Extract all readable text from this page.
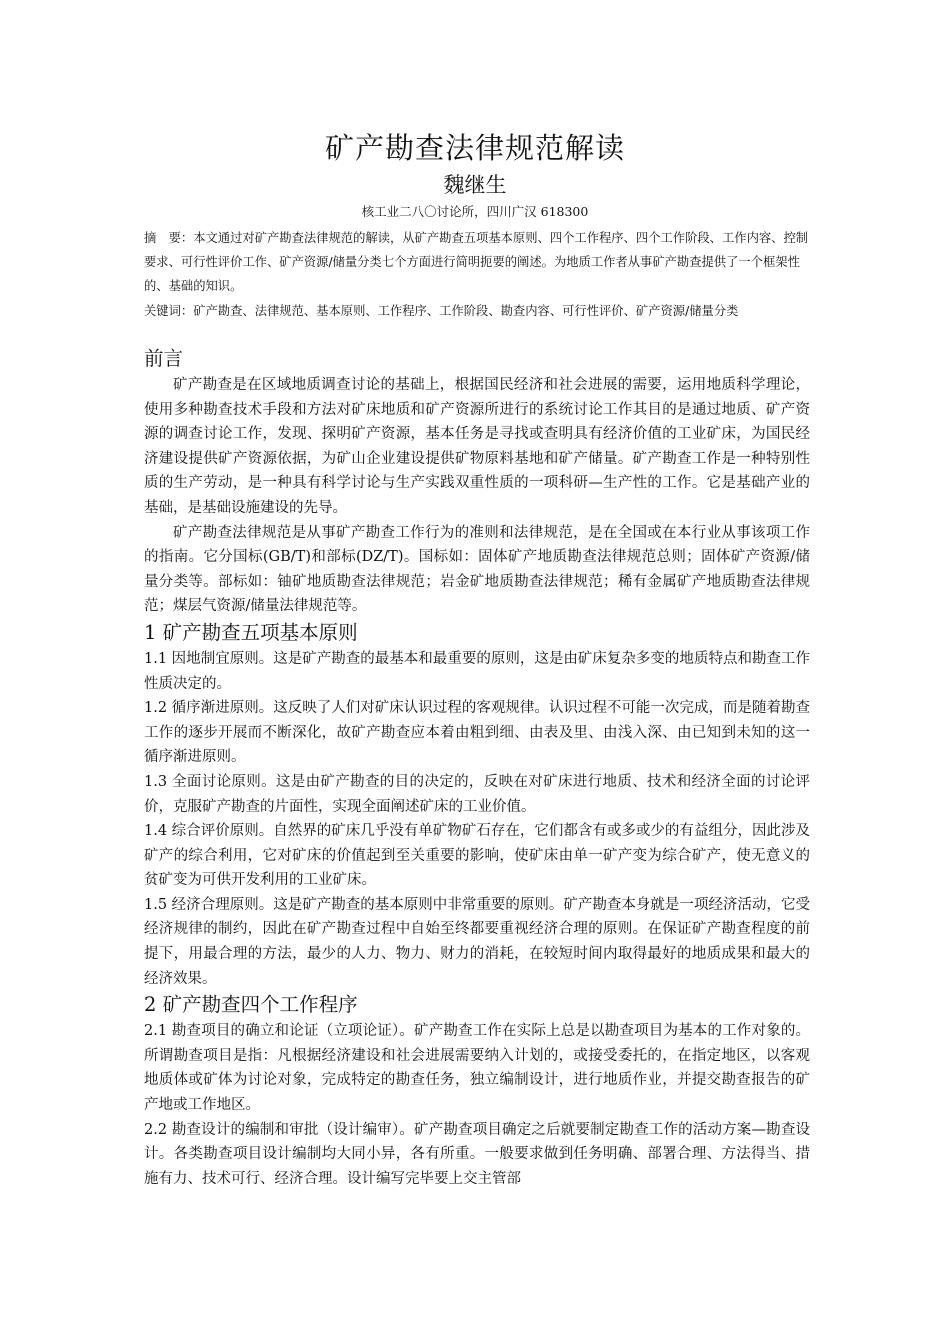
矿产勘查法律规范解读
魏继生
核工业二八〇讨论所，四川广汉 618300
摘　要：本文通过对矿产勘查法律规范的解读，从矿产勘查五项基本原则、四个工作程序、四个工作阶段、工作内容、控制要求、可行性评价工作、矿产资源/储量分类七个方面进行简明扼要的阐述。为地质工作者从事矿产勘查提供了一个框架性的、基础的知识。
关键词：矿产勘查、法律规范、基本原则、工作程序、工作阶段、勘查内容、可行性评价、矿产资源/储量分类
前言

矿产勘查是在区域地质调查讨论的基础上，根据国民经济和社会进展的需要，运用地质科学理论，使用多种勘查技术手段和方法对矿床地质和矿产资源所进行的系统讨论工作其目的是通过地质、矿产资源的调查讨论工作，发现、探明矿产资源，基本任务是寻找或查明具有经济价值的工业矿床，为国民经济建设提供矿产资源依据，为矿山企业建设提供矿物原料基地和矿产储量。矿产勘查工作是一种特别性质的生产劳动，是一种具有科学讨论与生产实践双重性质的一项科研—生产性的工作。它是基础产业的基础，是基础设施建设的先导。

矿产勘查法律规范是从事矿产勘查工作行为的准则和法律规范，是在全国或在本行业从事该项工作的指南。它分国标(GB/T)和部标(DZ/T)。国标如：固体矿产地质勘查法律规范总则；固体矿产资源/储量分类等。部标如：铀矿地质勘查法律规范；岩金矿地质勘查法律规范；稀有金属矿产地质勘查法律规范；煤层气资源/储量法律规范等。

1 矿产勘查五项基本原则

1.1 因地制宜原则。这是矿产勘查的最基本和最重要的原则，这是由矿床复杂多变的地质特点和勘查工作性质决定的。

1.2 循序渐进原则。这反映了人们对矿床认识过程的客观规律。认识过程不可能一次完成，而是随着勘查工作的逐步开展而不断深化，故矿产勘查应本着由粗到细、由表及里、由浅入深、由已知到未知的这一循序渐进原则。

1.3 全面讨论原则。这是由矿产勘查的目的决定的，反映在对矿床进行地质、技术和经济全面的讨论评价，克服矿产勘查的片面性，实现全面阐述矿床的工业价值。

1.4 综合评价原则。自然界的矿床几乎没有单矿物矿石存在，它们都含有或多或少的有益组分，因此涉及矿产的综合利用，它对矿床的价值起到至关重要的影响，使矿床由单一矿产变为综合矿产，使无意义的贫矿变为可供开发利用的工业矿床。

1.5 经济合理原则。这是矿产勘查的基本原则中非常重要的原则。矿产勘查本身就是一项经济活动，它受经济规律的制约，因此在矿产勘查过程中自始至终都要重视经济合理的原则。在保证矿产勘查程度的前提下，用最合理的方法，最少的人力、物力、财力的消耗，在较短时间内取得最好的地质成果和最大的经济效果。

2 矿产勘查四个工作程序

2.1 勘查项目的确立和论证（立项论证）。矿产勘查工作在实际上总是以勘查项目为基本的工作对象的。所谓勘查项目是指：凡根据经济建设和社会进展需要纳入计划的，或接受委托的，在指定地区，以客观地质体或矿体为讨论对象，完成特定的勘查任务，独立编制设计，进行地质作业，并提交勘查报告的矿产地或工作地区。

2.2 勘查设计的编制和审批（设计编审）。矿产勘查项目确定之后就要制定勘查工作的活动方案—勘查设计。各类勘查项目设计编制均大同小异，各有所重。一般要求做到任务明确、部署合理、方法得当、措施有力、技术可行、经济合理。设计编写完毕要上交主管部
